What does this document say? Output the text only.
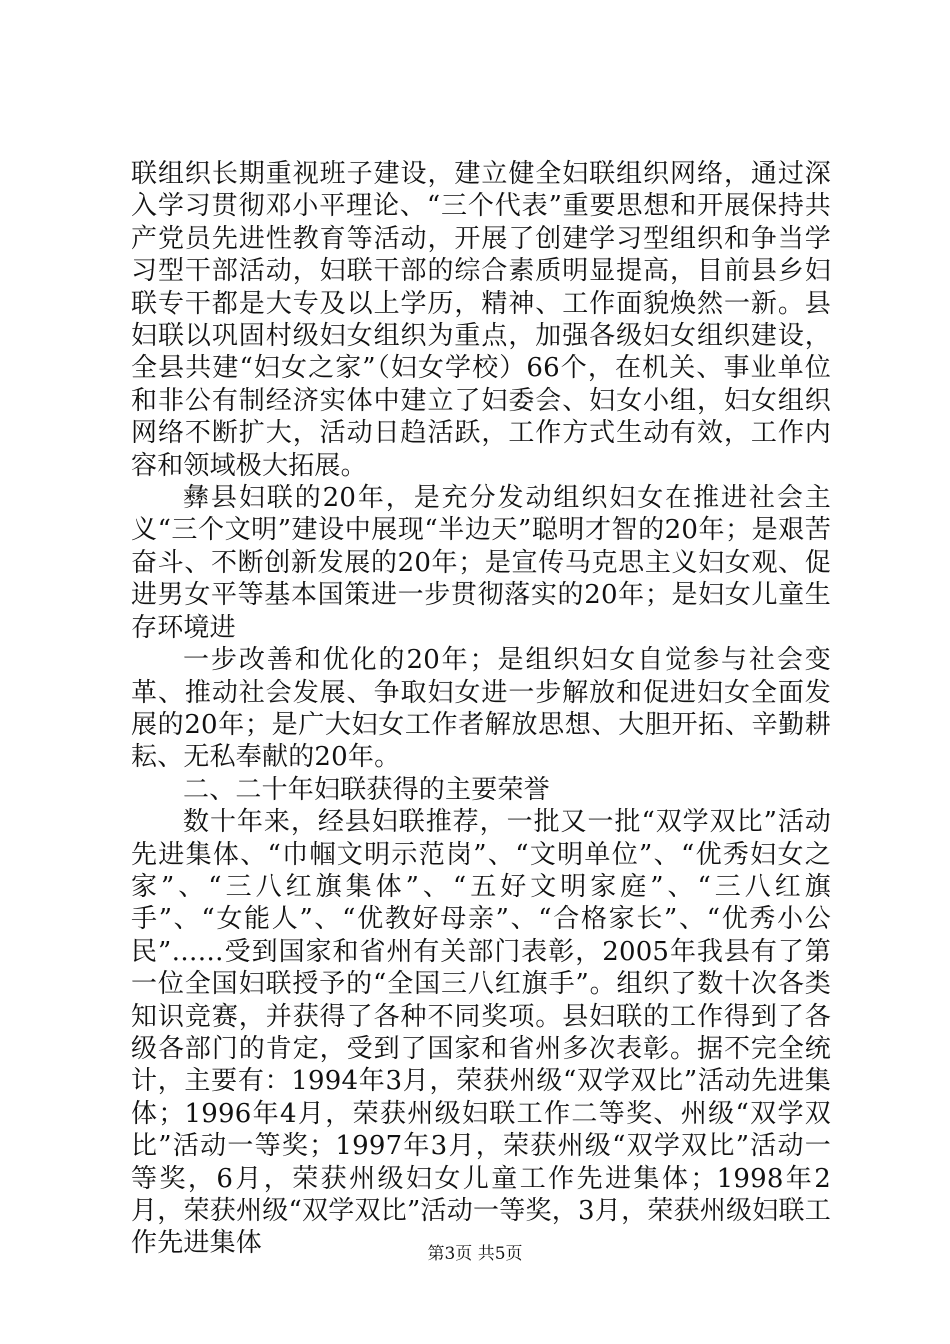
联组织长期重视班子建设，建立健全妇联组织网络，通过深入学习贯彻邓小平理论、“三个代表”重要思想和开展保持共产党员先进性教育等活动，开展了创建学习型组织和争当学习型干部活动，妇联干部的综合素质明显提高，目前县乡妇联专干都是大专及以上学历，精神、工作面貌焕然一新。县妇联以巩固村级妇女组织为重点，加强各级妇女组织建设，全县共建“妇女之家”（妇女学校）66个，在机关、事业单位和非公有制经济实体中建立了妇委会、妇女小组，妇女组织网络不断扩大，活动日趋活跃，工作方式生动有效，工作内容和领域极大拓展。

彝县妇联的20年，是充分发动组织妇女在推进社会主义“三个文明”建设中展现“半边天”聪明才智的20年；是艰苦奋斗、不断创新发展的20年；是宣传马克思主义妇女观、促进男女平等基本国策进一步贯彻落实的20年；是妇女儿童生存环境进

一步改善和优化的20年；是组织妇女自觉参与社会变革、推动社会发展、争取妇女进一步解放和促进妇女全面发展的20年；是广大妇女工作者解放思想、大胆开拓、辛勤耕耘、无私奉献的20年。

二、二十年妇联获得的主要荣誉

数十年来，经县妇联推荐，一批又一批“双学双比”活动先进集体、“巾帼文明示范岗”、“文明单位”、“优秀妇女之家”、“三八红旗集体”、“五好文明家庭”、“三八红旗手”、“女能人”、“优教好母亲”、“合格家长”、“优秀小公民”……受到国家和省州有关部门表彰，2005年我县有了第一位全国妇联授予的“全国三八红旗手”。组织了数十次各类知识竞赛，并获得了各种不同奖项。县妇联的工作得到了各级各部门的肯定，受到了国家和省州多次表彰。据不完全统计，主要有：1994年3月，荣获州级“双学双比”活动先进集体；1996年4月，荣获州级妇联工作二等奖、州级“双学双比”活动一等奖；1997年3月，荣获州级“双学双比”活动一等奖，6月，荣获州级妇女儿童工作先进集体；1998年2月，荣获州级“双学双比”活动一等奖，3月，荣获州级妇联工作先进集体	第3页 共5页
